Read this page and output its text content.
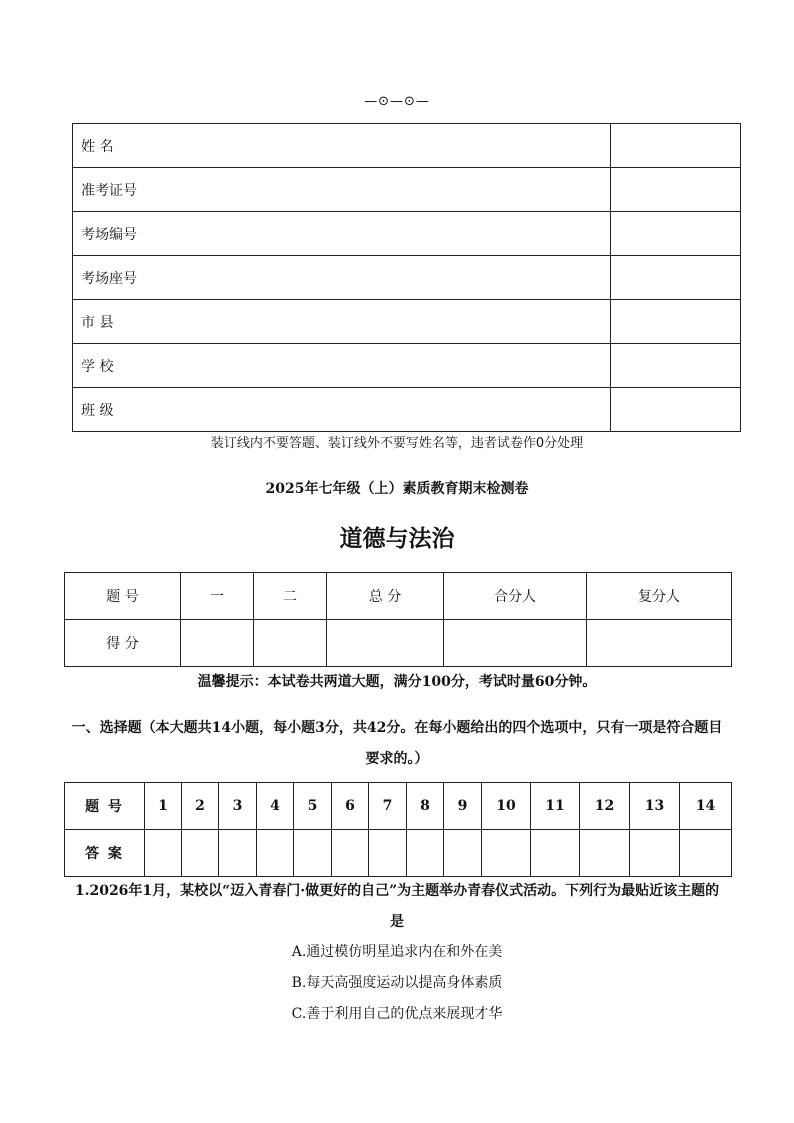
—⊙—⊙—
姓 名	
准考证号	
考场编号	
考场座号	
市 县	
学 校	
班 级	
装订线内不要答题、装订线外不要写姓名等，违者试卷作0分处理
2025年七年级（上）素质教育期末检测卷
道德与法治
题 号	一	二	总 分	合分人	复分人
得 分					
温馨提示：本试卷共两道大题，满分100分，考试时量60分钟。
一、选择题（本大题共14小题，每小题3分，共42分。在每小题给出的四个选项中，只有一项是符合题目要求的。）
题 号	1	2	3	4	5	6	7	8	9	10	11	12	13	14
答 案														
1.2026年1月，某校以“迈入青春门·做更好的自己”为主题举办青春仪式活动。下列行为最贴近该主题的是
A.通过模仿明星追求内在和外在美
B.每天高强度运动以提高身体素质
C.善于利用自己的优点来展现才华
